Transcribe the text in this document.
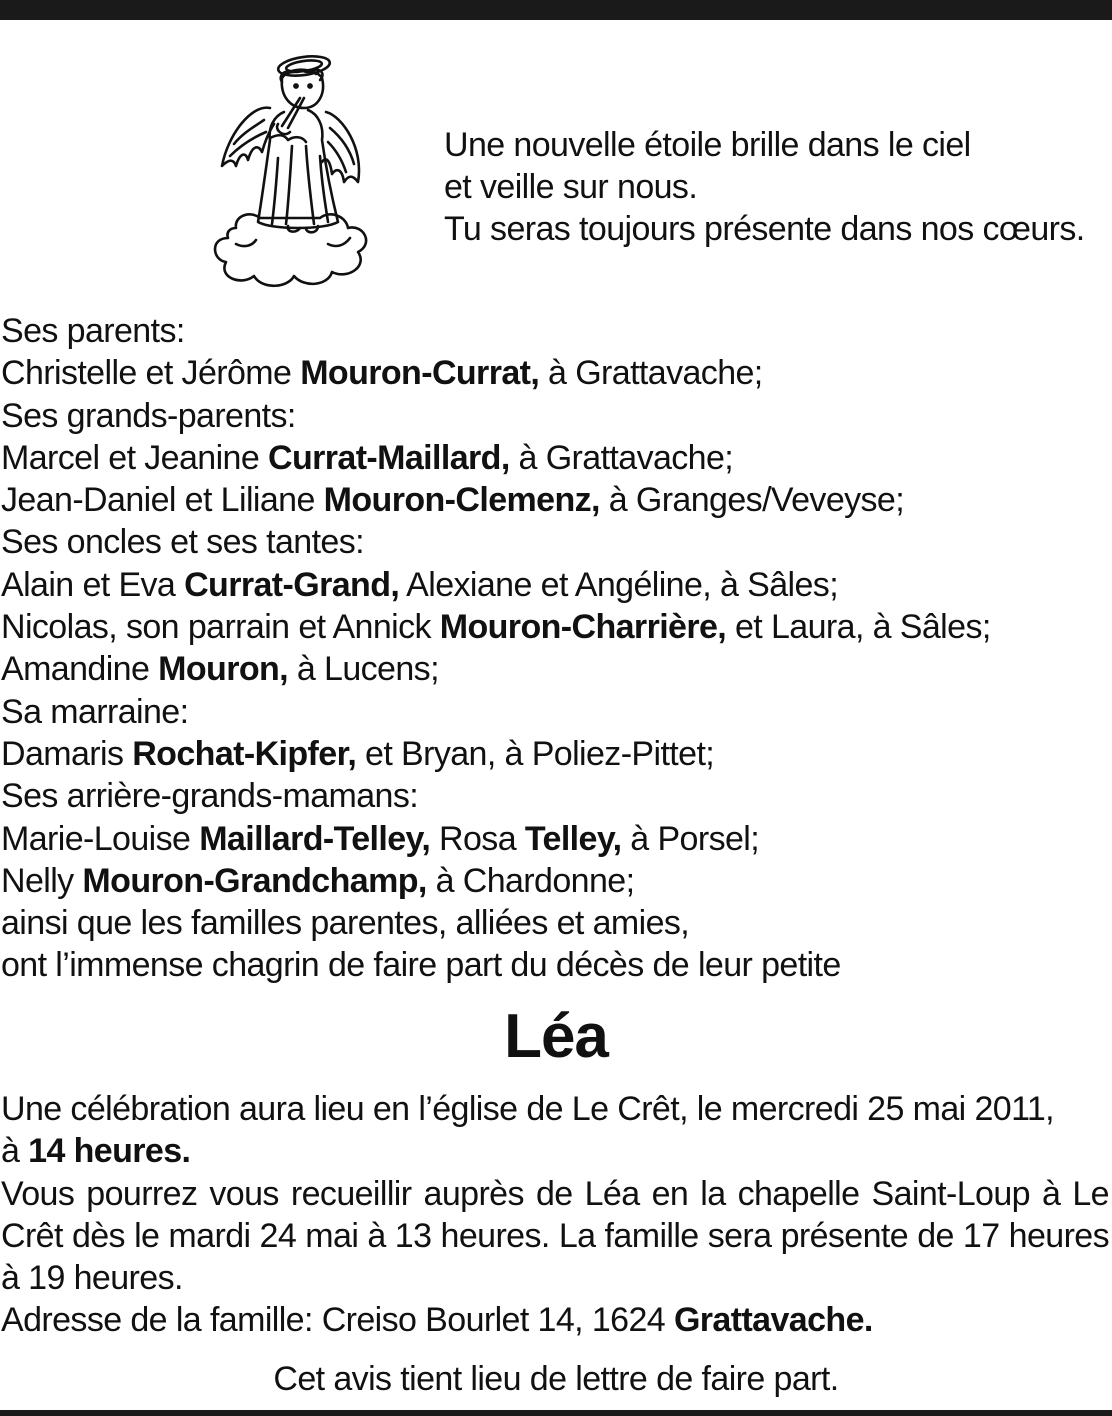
Une nouvelle étoile brille dans le ciel
et veille sur nous.
Tu seras toujours présente dans nos cœurs.
Ses parents:
Christelle et Jérôme Mouron-Currat, à Grattavache;
Ses grands-parents:
Marcel et Jeanine Currat-Maillard, à Grattavache;
Jean-Daniel et Liliane Mouron-Clemenz, à Granges/Veveyse;
Ses oncles et ses tantes:
Alain et Eva Currat-Grand, Alexiane et Angéline, à Sâles;
Nicolas, son parrain et Annick Mouron-Charrière, et Laura, à Sâles;
Amandine Mouron, à Lucens;
Sa marraine:
Damaris Rochat-Kipfer, et Bryan, à Poliez-Pittet;
Ses arrière-grands-mamans:
Marie-Louise Maillard-Telley, Rosa Telley, à Porsel;
Nelly Mouron-Grandchamp, à Chardonne;
ainsi que les familles parentes, alliées et amies,
ont l’immense chagrin de faire part du décès de leur petite
Léa
Une célébration aura lieu en l’église de Le Crêt, le mercredi 25 mai 2011,
à 14 heures.
Vous pourrez vous recueillir auprès de Léa en la chapelle Saint-Loup à Le Crêt dès le mardi 24 mai à 13 heures. La famille sera présente de 17 heures à 19 heures.
Adresse de la famille: Creiso Bourlet 14, 1624 Grattavache.
Cet avis tient lieu de lettre de faire part.
